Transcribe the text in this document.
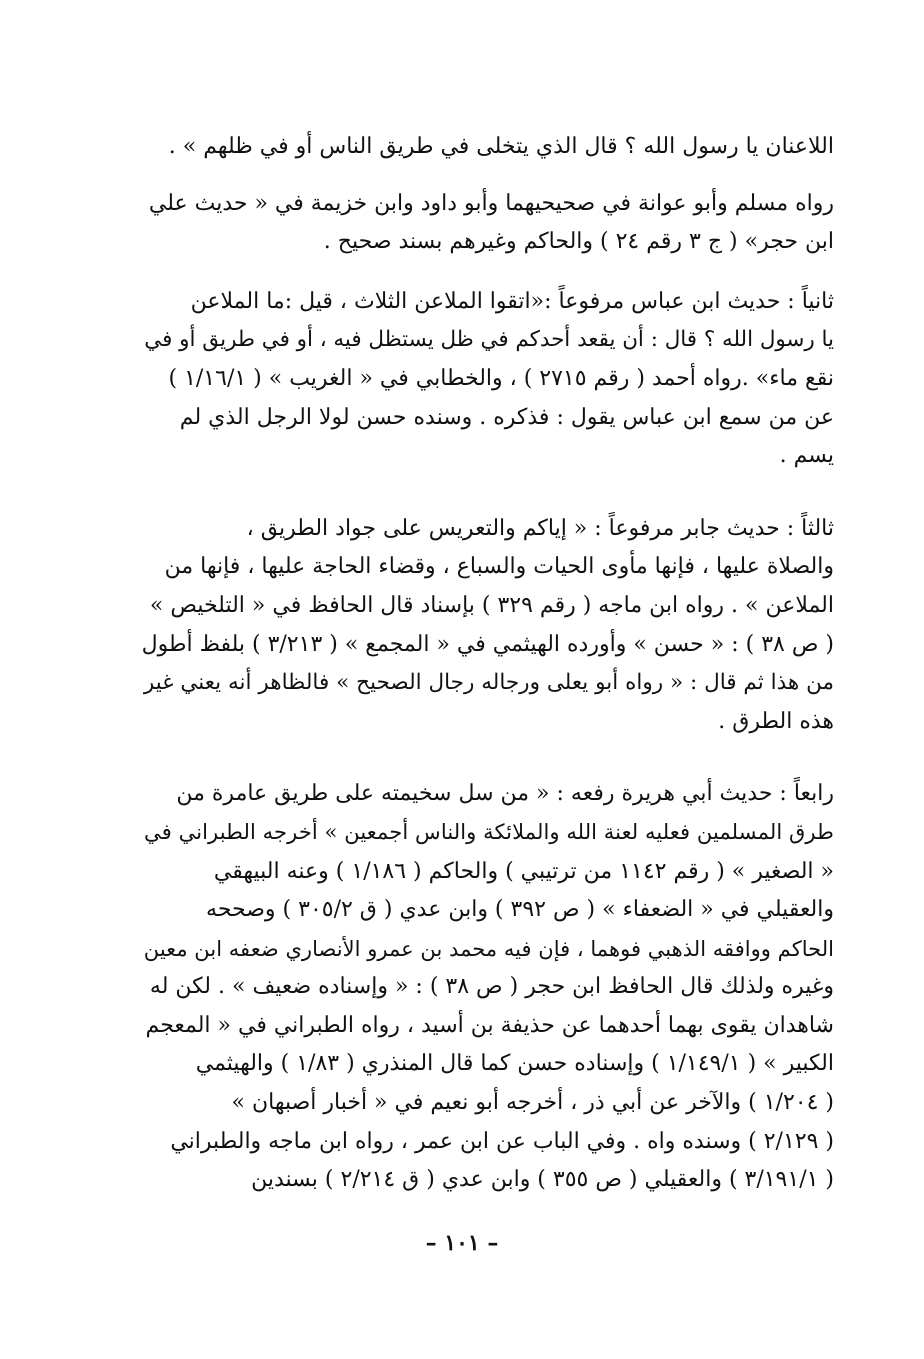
اللاعنان يا رسول الله ؟ قال الذي يتخلى في طريق الناس أو في ظلهم » .

رواه مسلم وأبو عوانة في صحيحيهما وأبو داود وابن خزيمة في « حديث علي
ابن حجر» ( ج ٣ رقم ٢٤ ) والحاكم وغيرهم بسند صحيح .

ثانياً : حديث ابن عباس مرفوعاً :«اتقوا الملاعن الثلاث ، قيل :ما الملاعن
يا رسول الله ؟ قال : أن يقعد أحدكم في ظل يستظل فيه ، أو في طريق أو في
نقع ماء» .رواه أحمد ( رقم ٢٧١٥ ) ، والخطابي في « الغريب » ( ١/١٦/١ )
عن من سمع ابن عباس يقول : فذكره . وسنده حسن لولا الرجل الذي لم
يسم .

ثالثاً : حديث جابر مرفوعاً : « إياكم والتعريس على جواد الطريق ،
والصلاة عليها ، فإنها مأوى الحيات والسباع ، وقضاء الحاجة عليها ، فإنها من
الملاعن » . رواه ابن ماجه ( رقم ٣٢٩ ) بإسناد قال الحافظ في « التلخيص »
( ص ٣٨ ) : « حسن » وأورده الهيثمي في « المجمع » ( ٣/٢١٣ ) بلفظ أطول
من هذا ثم قال : « رواه أبو يعلى ورجاله رجال الصحيح » فالظاهر أنه يعني غير
هذه الطرق .

رابعاً : حديث أبي هريرة رفعه : « من سل سخيمته على طريق عامرة من
طرق المسلمين فعليه لعنة الله والملائكة والناس أجمعين » أخرجه الطبراني في
« الصغير » ( رقم ١١٤٢ من ترتيبي ) والحاكم ( ١/١٨٦ ) وعنه البيهقي
والعقيلي في « الضعفاء » ( ص ٣٩٢ ) وابن عدي ( ق ٣٠٥/٢ ) وصححه
الحاكم ووافقه الذهبي فوهما ، فإن فيه محمد بن عمرو الأنصاري ضعفه ابن معين
وغيره ولذلك قال الحافظ ابن حجر ( ص ٣٨ ) : « وإسناده ضعيف » . لكن له
شاهدان يقوى بهما أحدهما عن حذيفة بن أسيد ، رواه الطبراني في « المعجم
الكبير » ( ١/١٤٩/١ ) وإسناده حسن كما قال المنذري ( ١/٨٣ ) والهيثمي
( ١/٢٠٤ ) والآخر عن أبي ذر ، أخرجه أبو نعيم في « أخبار أصبهان »
( ٢/١٢٩ ) وسنده واه . وفي الباب عن ابن عمر ، رواه ابن ماجه والطبراني
( ٣/١٩١/١ ) والعقيلي ( ص ٣٥٥ ) وابن عدي ( ق ٢/٢١٤ ) بسندين

– ١٠١ –
